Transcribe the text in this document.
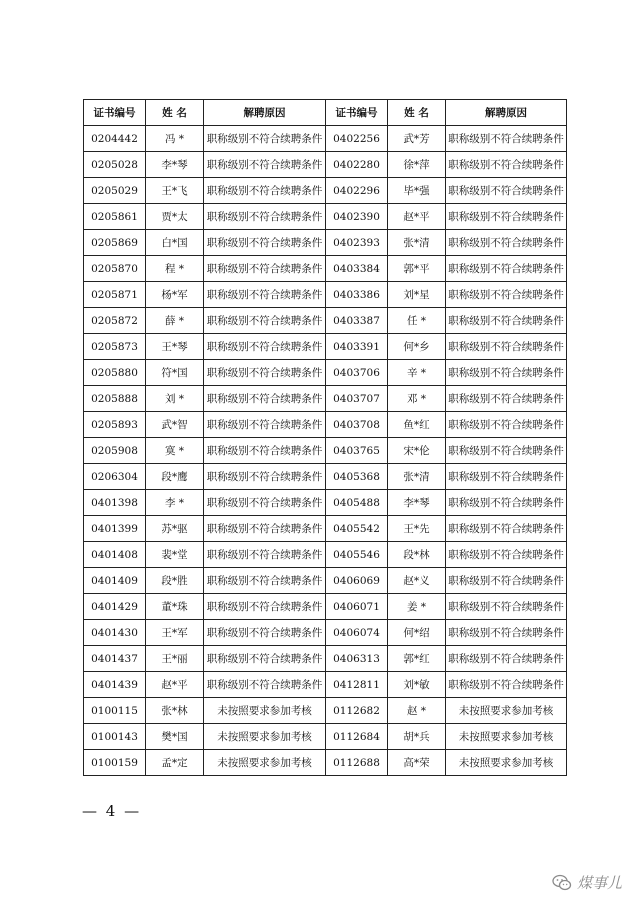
证书编号	姓 名	解聘原因	证书编号	姓 名	解聘原因
0204442	冯 *	职称级别不符合续聘条件	0402256	武*芳	职称级别不符合续聘条件
0205028	李*琴	职称级别不符合续聘条件	0402280	徐*萍	职称级别不符合续聘条件
0205029	王*飞	职称级别不符合续聘条件	0402296	毕*强	职称级别不符合续聘条件
0205861	贾*太	职称级别不符合续聘条件	0402390	赵*平	职称级别不符合续聘条件
0205869	白*国	职称级别不符合续聘条件	0402393	张*清	职称级别不符合续聘条件
0205870	程 *	职称级别不符合续聘条件	0403384	郭*平	职称级别不符合续聘条件
0205871	杨*军	职称级别不符合续聘条件	0403386	刘*星	职称级别不符合续聘条件
0205872	薛 *	职称级别不符合续聘条件	0403387	任 *	职称级别不符合续聘条件
0205873	王*琴	职称级别不符合续聘条件	0403391	何*乡	职称级别不符合续聘条件
0205880	符*国	职称级别不符合续聘条件	0403706	辛 *	职称级别不符合续聘条件
0205888	刘 *	职称级别不符合续聘条件	0403707	邓 *	职称级别不符合续聘条件
0205893	武*智	职称级别不符合续聘条件	0403708	鱼*红	职称级别不符合续聘条件
0205908	寞 *	职称级别不符合续聘条件	0403765	宋*伦	职称级别不符合续聘条件
0206304	段*鹰	职称级别不符合续聘条件	0405368	张*清	职称级别不符合续聘条件
0401398	李 *	职称级别不符合续聘条件	0405488	李*琴	职称级别不符合续聘条件
0401399	苏*驱	职称级别不符合续聘条件	0405542	王*先	职称级别不符合续聘条件
0401408	裴*堂	职称级别不符合续聘条件	0405546	段*林	职称级别不符合续聘条件
0401409	段*胜	职称级别不符合续聘条件	0406069	赵*义	职称级别不符合续聘条件
0401429	董*珠	职称级别不符合续聘条件	0406071	姜 *	职称级别不符合续聘条件
0401430	王*军	职称级别不符合续聘条件	0406074	何*绍	职称级别不符合续聘条件
0401437	王*丽	职称级别不符合续聘条件	0406313	郭*红	职称级别不符合续聘条件
0401439	赵*平	职称级别不符合续聘条件	0412811	刘*敏	职称级别不符合续聘条件
0100115	张*林	未按照要求参加考核	0112682	赵 *	未按照要求参加考核
0100143	樊*国	未按照要求参加考核	0112684	胡*兵	未按照要求参加考核
0100159	孟*定	未按照要求参加考核	0112688	高*荣	未按照要求参加考核
— 4 —
煤事儿
